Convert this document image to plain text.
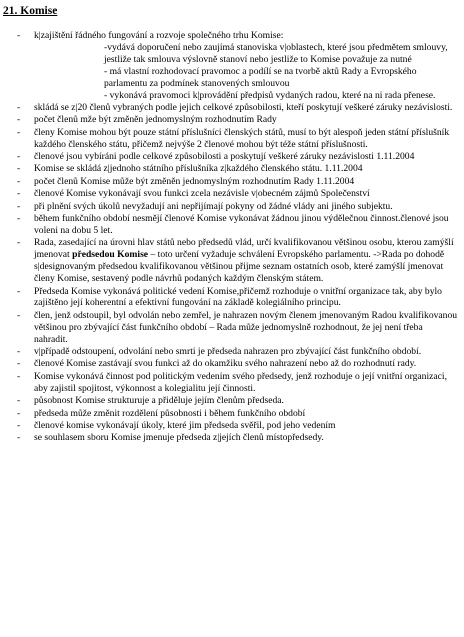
21. Komise
- k|zajištění řádného fungování a rozvoje společného trhu Komise:
-vydává doporučení nebo zaujímá stanoviska v|oblastech, které jsou předmětem smlouvy, jestliže tak smlouva výslovně stanoví nebo jestliže to Komise považuje za nutné
- má vlastní rozhodovací pravomoc a podílí se na tvorbě aktů Rady a Evropského parlamentu za podmínek stanovených smlouvou
- vykonává pravomoci k|provádění předpisů vydaných radou, které na ni rada přenese.
- skládá se z|20 členů vybraných podle jejich celkové způsobilosti, kteří poskytují veškeré záruky nezávislosti.
- počet členů mže být změněn jednomyslným rozhodnutím Rady
- členy Komise mohou být pouze státní příslušníci členských států, musí to být alespoň jeden státní příslušník každého členského státu, přičemž nejvýše 2 členové mohou být téže státní příslušnosti.
- členové jsou vybíráni podle celkové způsobilosti a poskytují veškeré záruky nezávislosti 1.11.2004
- Komise se skládá z|jednoho státního příslušníka z|každého členského státu. 1.11.2004
- počet členů Komise může být změněn jednomyslným rozhodnutím Rady 1.11.2004
- členové Komise vykonávají svou funkci zcela nezávisle v|obecném zájmů Společenství
- při plnění svých úkolů nevyžadují ani nepřijímají pokyny od žádné vlády ani jiného subjektu.
- během funkčního období nesmějí členové Komise vykonávat žádnou jinou výdělečnou činnost.členové jsou voleni na dobu 5 let.
- Rada, zasedající na úrovni hlav států nebo předsedů vlád, určí kvalifikovanou většinou osobu, kterou zamýšlí jmenovat předsedou Komise – toto určení vyžaduje schválení Evropského parlamentu. ->Rada po dohodě s|designovaným předsedou kvalifikovanou většinou přijme seznam ostatních osob, které zamýšlí jmenovat členy Komise, sestavený podle návrhů podaných každým členským státem.
- Předseda Komise vykonává politické vedení Komise,přičemž rozhoduje o vnitřní organizace tak, aby bylo zajištěno její koherentní a efektivní fungování na základě kolegiálního principu.
- člen, jenž odstoupil, byl odvolán nebo zemřel, je nahrazen novým členem jmenovaným Radou kvalifikovanou většinou pro zbývající část funkčního období – Rada může jednomyslně rozhodnout, že jej není třeba nahradit.
- v|případě odstoupení, odvolání nebo smrti je předseda nahrazen pro zbývající část funkčního období.
- členové Komise zastávají svou funkci až do okamžiku svého nahrazení nebo až do rozhodnutí rady.
- Komise vykonává činnost pod politickým vedením svého předsedy, jenž rozhoduje o její vnitřní organizaci, aby zajistil spojitost, výkonnost a kolegialitu její činnosti.
- působnost Komise strukturuje a přiděluje jejím členům předseda.
- předseda může změnit rozdělení působnosti i během funkčního období
- členové komise vykonávají úkoly, které jim předseda svěřil, pod jeho vedením
- se souhlasem sboru Komise jmenuje předseda z|jejích členů místopředsedy.
